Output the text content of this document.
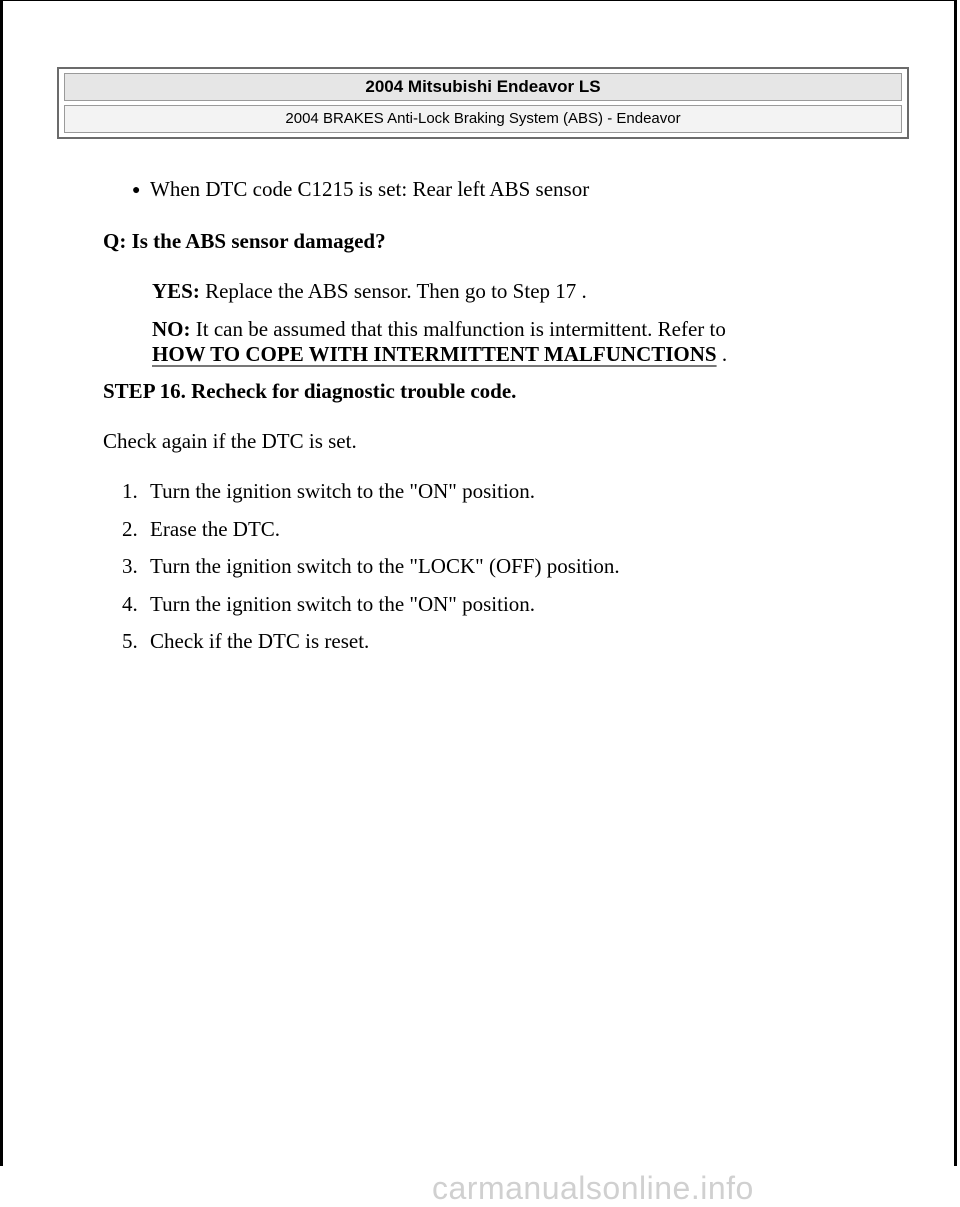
2004 Mitsubishi Endeavor LS
2004 BRAKES Anti-Lock Braking System (ABS) - Endeavor
● When DTC code C1215 is set: Rear left ABS sensor
Q: Is the ABS sensor damaged?
YES: Replace the ABS sensor. Then go to Step 17 .
NO: It can be assumed that this malfunction is intermittent. Refer to
HOW TO COPE WITH INTERMITTENT MALFUNCTIONS .
STEP 16. Recheck for diagnostic trouble code.
Check again if the DTC is set.
1. Turn the ignition switch to the "ON" position.
2. Erase the DTC.
3. Turn the ignition switch to the "LOCK" (OFF) position.
4. Turn the ignition switch to the "ON" position.
5. Check if the DTC is reset.
carmanualsonline.info
